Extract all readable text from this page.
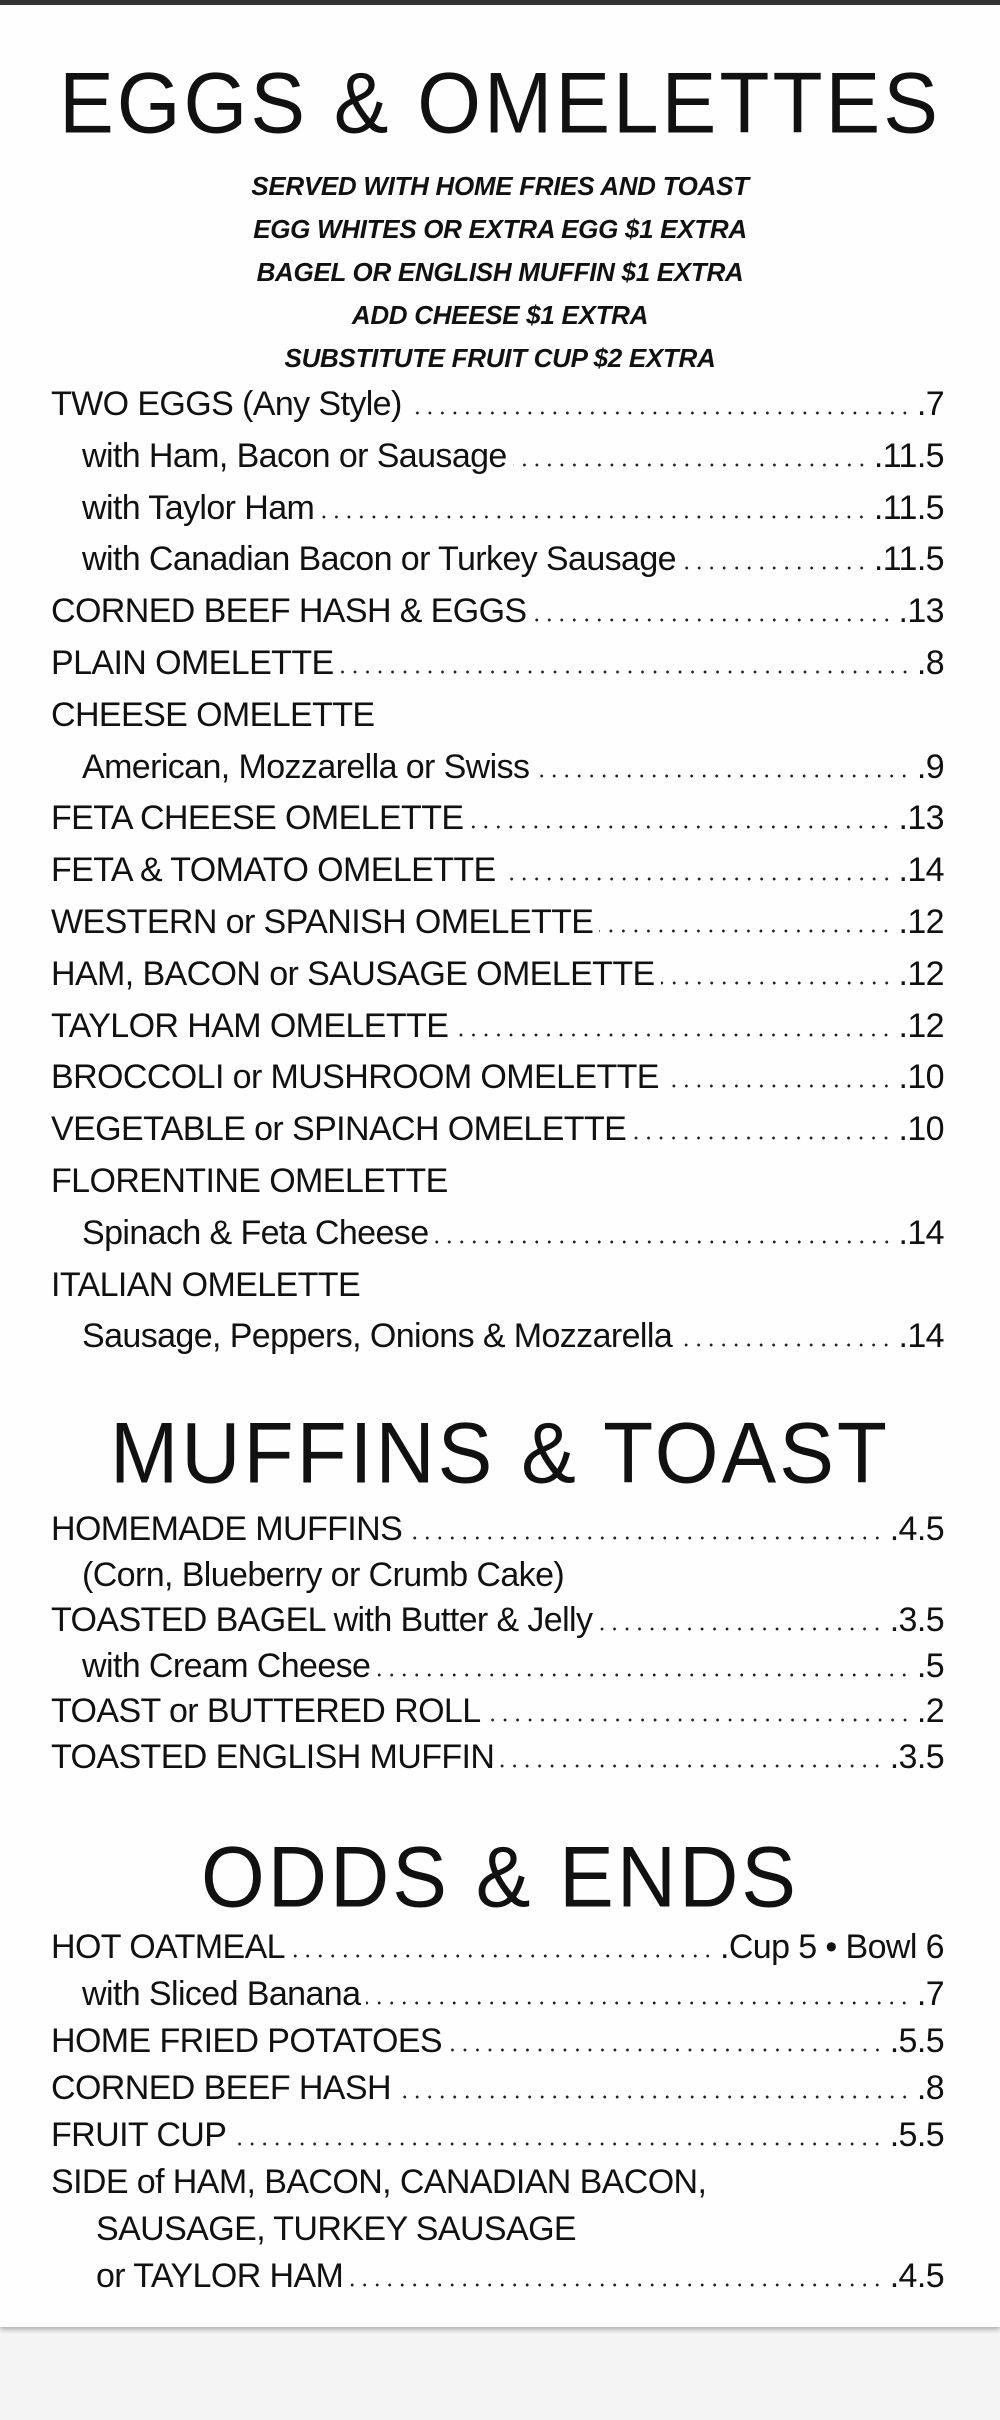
EGGS & OMELETTES
SERVED WITH HOME FRIES AND TOAST
EGG WHITES OR EXTRA EGG $1 EXTRA
BAGEL OR ENGLISH MUFFIN $1 EXTRA
ADD CHEESE $1 EXTRA
SUBSTITUTE FRUIT CUP $2 EXTRA
TWO EGGS (Any Style)	.7
with Ham, Bacon or Sausage	.11.5
with Taylor Ham	.11.5
with Canadian Bacon or Turkey Sausage	.11.5
CORNED BEEF HASH & EGGS	.13
PLAIN OMELETTE	.8
CHEESE OMELETTE
American, Mozzarella or Swiss	.9
FETA CHEESE OMELETTE	.13
FETA & TOMATO OMELETTE	.14
WESTERN or SPANISH OMELETTE	.12
HAM, BACON or SAUSAGE OMELETTE	.12
TAYLOR HAM OMELETTE	.12
BROCCOLI or MUSHROOM OMELETTE	.10
VEGETABLE or SPINACH OMELETTE	.10
FLORENTINE OMELETTE
Spinach & Feta Cheese	.14
ITALIAN OMELETTE
Sausage, Peppers, Onions & Mozzarella	.14
MUFFINS & TOAST
HOMEMADE MUFFINS	.4.5
(Corn, Blueberry or Crumb Cake)
TOASTED BAGEL with Butter & Jelly	.3.5
with Cream Cheese	.5
TOAST or BUTTERED ROLL	.2
TOASTED ENGLISH MUFFIN	.3.5
ODDS & ENDS
HOT OATMEAL	.Cup 5 • Bowl 6
with Sliced Banana	.7
HOME FRIED POTATOES	.5.5
CORNED BEEF HASH	.8
FRUIT CUP	.5.5
SIDE of HAM, BACON, CANADIAN BACON,
SAUSAGE, TURKEY SAUSAGE
or TAYLOR HAM	.4.5
